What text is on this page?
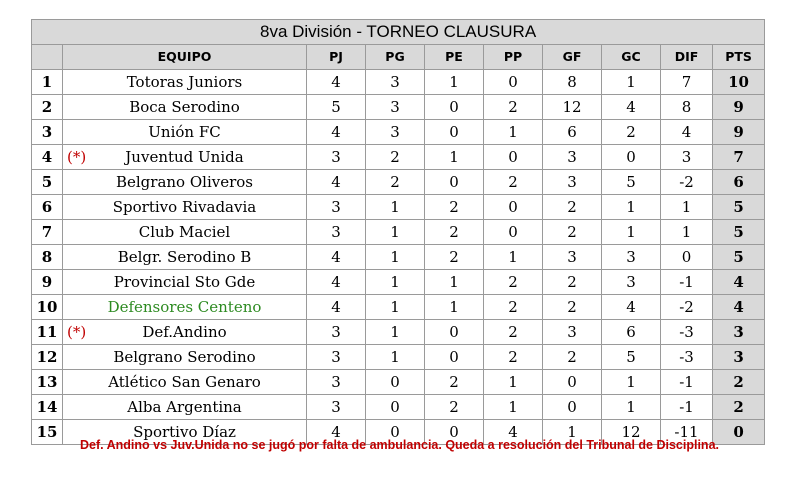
8va División - TORNEO CLAUSURA									
	EQUIPO	PJ	PG	PE	PP	GF	GC	DIF	PTS
1	Totoras Juniors	4	3	1	0	8	1	7	10
2	Boca Serodino	5	3	0	2	12	4	8	9
3	Unión FC	4	3	0	1	6	2	4	9
4	(*) Juventud Unida	3	2	1	0	3	0	3	7
5	Belgrano Oliveros	4	2	0	2	3	5	-2	6
6	Sportivo Rivadavia	3	1	2	0	2	1	1	5
7	Club Maciel	3	1	2	0	2	1	1	5
8	Belgr. Serodino B	4	1	2	1	3	3	0	5
9	Provincial Sto Gde	4	1	1	2	2	3	-1	4
10	Defensores Centeno	4	1	1	2	2	4	-2	4
11	(*) Def.Andino	3	1	0	2	3	6	-3	3
12	Belgrano Serodino	3	1	0	2	2	5	-3	3
13	Atlético San Genaro	3	0	2	1	0	1	-1	2
14	Alba Argentina	3	0	2	1	0	1	-1	2
15	Sportivo Díaz	4	0	0	4	1	12	-11	0
Def. Andino vs Juv.Unida no se jugó por falta de ambulancia. Queda a resolución del Tribunal de Disciplina.
